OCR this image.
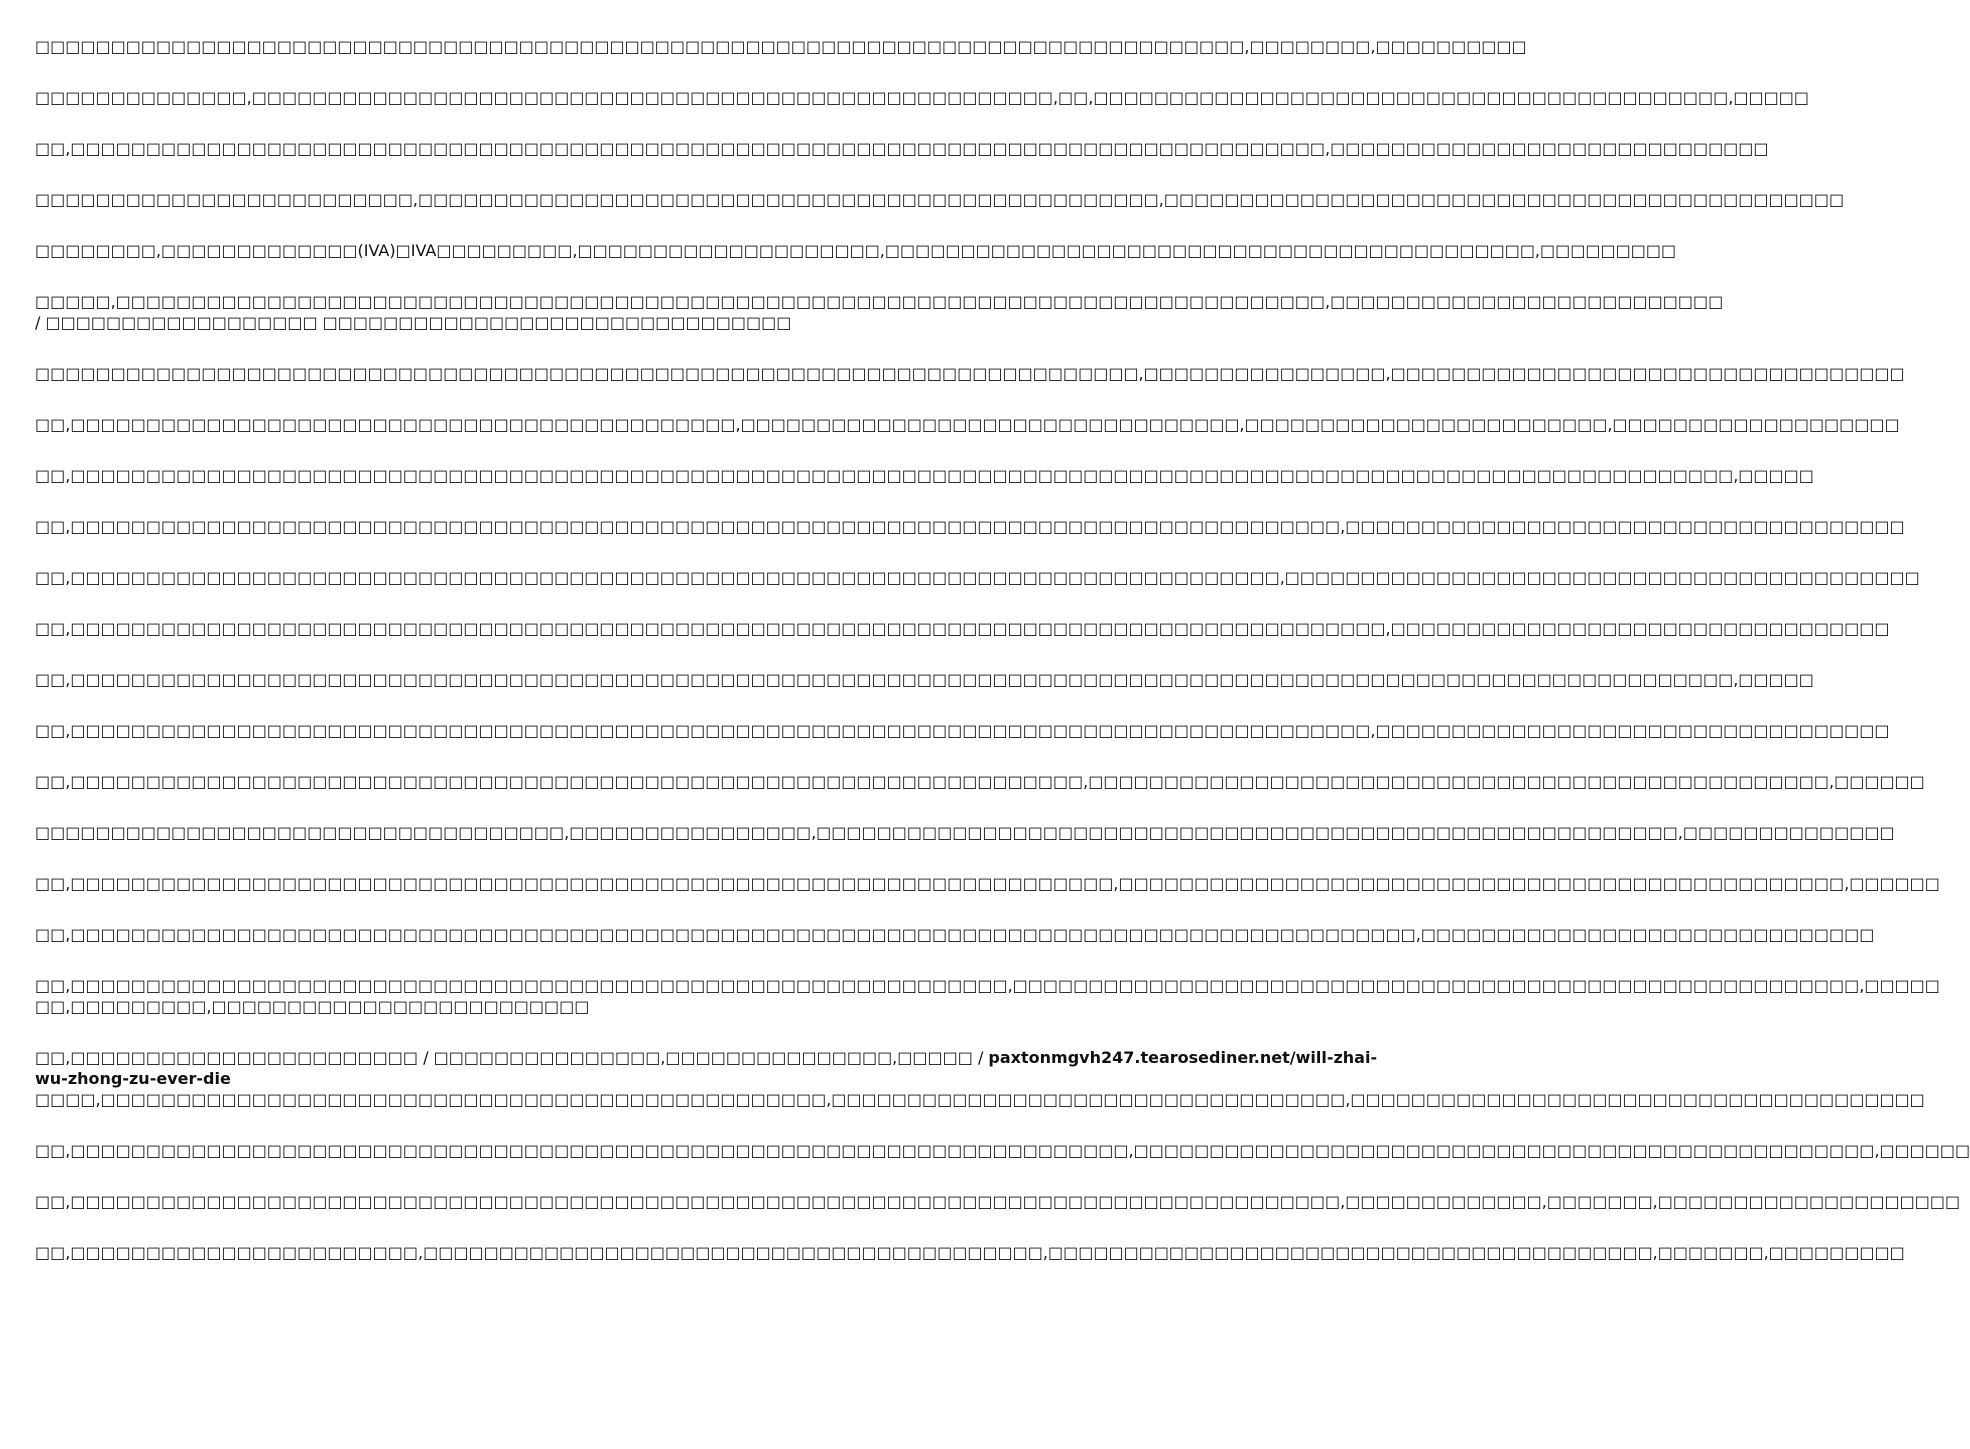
□□□□□□□□□□□□□□□□□□□□□□□□□□□□□□□□□□□□□□□□□□□□□□□□□□□□□□□□□□□□□□□□□□□□□□□□□□□□□□□□,□□□□□□□□,□□□□□□□□□□

□□□□□□□□□□□□□□,□□□□□□□□□□□□□□□□□□□□□□□□□□□□□□□□□□□□□□□□□□□□□□□□□□□□□,□□,□□□□□□□□□□□□□□□□□□□□□□□□□□□□□□□□□□□□□□□□□□,□□□□□

□□,□□□□□□□□□□□□□□□□□□□□□□□□□□□□□□□□□□□□□□□□□□□□□□□□□□□□□□□□□□□□□□□□□□□□□□□□□□□□□□□□□□□,□□□□□□□□□□□□□□□□□□□□□□□□□□□□□

□□□□□□□□□□□□□□□□□□□□□□□□□,□□□□□□□□□□□□□□□□□□□□□□□□□□□□□□□□□□□□□□□□□□□□□□□□□,□□□□□□□□□□□□□□□□□□□□□□□□□□□□□□□□□□□□□□□□□□□□□

□□□□□□□□,□□□□□□□□□□□□□(IVA)□IVA□□□□□□□□□,□□□□□□□□□□□□□□□□□□□□,□□□□□□□□□□□□□□□□□□□□□□□□□□□□□□□□□□□□□□□□□□□,□□□□□□□□□

□□□□□,□□□□□□□□□□□□□□□□□□□□□□□□□□□□□□□□□□□□□□□□□□□□□□□□□□□□□□□□□□□□□□□□□□□□□□□□□□□□□□□□,□□□□□□□□□□□□□□□□□□□□□□□□□□
/ □□□□□□□□□□□□□□□□□□ □□□□□□□□□□□□□□□□□□□□□□□□□□□□□□□

□□□□□□□□□□□□□□□□□□□□□□□□□□□□□□□□□□□□□□□□□□□□□□□□□□□□□□□□□□□□□□□□□□□□□□□□□,□□□□□□□□□□□□□□□□,□□□□□□□□□□□□□□□□□□□□□□□□□□□□□□□□□□

□□,□□□□□□□□□□□□□□□□□□□□□□□□□□□□□□□□□□□□□□□□□□□□,□□□□□□□□□□□□□□□□□□□□□□□□□□□□□□□□□,□□□□□□□□□□□□□□□□□□□□□□□□,□□□□□□□□□□□□□□□□□□□

□□,□□□□□□□□□□□□□□□□□□□□□□□□□□□□□□□□□□□□□□□□□□□□□□□□□□□□□□□□□□□□□□□□□□□□□□□□□□□□□□□□□□□□□□□□□□□□□□□□□□□□□□□□□□□□□□,□□□□□

□□,□□□□□□□□□□□□□□□□□□□□□□□□□□□□□□□□□□□□□□□□□□□□□□□□□□□□□□□□□□□□□□□□□□□□□□□□□□□□□□□□□□□□,□□□□□□□□□□□□□□□□□□□□□□□□□□□□□□□□□□□□□

□□,□□□□□□□□□□□□□□□□□□□□□□□□□□□□□□□□□□□□□□□□□□□□□□□□□□□□□□□□□□□□□□□□□□□□□□□□□□□□□□□□,□□□□□□□□□□□□□□□□□□□□□□□□□□□□□□□□□□□□□□□□□□

□□,□□□□□□□□□□□□□□□□□□□□□□□□□□□□□□□□□□□□□□□□□□□□□□□□□□□□□□□□□□□□□□□□□□□□□□□□□□□□□□□□□□□□□□□,□□□□□□□□□□□□□□□□□□□□□□□□□□□□□□□□□

□□,□□□□□□□□□□□□□□□□□□□□□□□□□□□□□□□□□□□□□□□□□□□□□□□□□□□□□□□□□□□□□□□□□□□□□□□□□□□□□□□□□□□□□□□□□□□□□□□□□□□□□□□□□□□□□□,□□□□□

□□,□□□□□□□□□□□□□□□□□□□□□□□□□□□□□□□□□□□□□□□□□□□□□□□□□□□□□□□□□□□□□□□□□□□□□□□□□□□□□□□□□□□□□□,□□□□□□□□□□□□□□□□□□□□□□□□□□□□□□□□□□

□□,□□□□□□□□□□□□□□□□□□□□□□□□□□□□□□□□□□□□□□□□□□□□□□□□□□□□□□□□□□□□□□□□□□□,□□□□□□□□□□□□□□□□□□□□□□□□□□□□□□□□□□□□□□□□□□□□□□□□□,□□□□□□

□□□□□□□□□□□□□□□□□□□□□□□□□□□□□□□□□□□,□□□□□□□□□□□□□□□□,□□□□□□□□□□□□□□□□□□□□□□□□□□□□□□□□□□□□□□□□□□□□□□□□□□□□□□□□□,□□□□□□□□□□□□□□

□□,□□□□□□□□□□□□□□□□□□□□□□□□□□□□□□□□□□□□□□□□□□□□□□□□□□□□□□□□□□□□□□□□□□□□□,□□□□□□□□□□□□□□□□□□□□□□□□□□□□□□□□□□□□□□□□□□□□□□□□,□□□□□□

□□,□□□□□□□□□□□□□□□□□□□□□□□□□□□□□□□□□□□□□□□□□□□□□□□□□□□□□□□□□□□□□□□□□□□□□□□□□□□□□□□□□□□□□□□□□,□□□□□□□□□□□□□□□□□□□□□□□□□□□□□□

□□,□□□□□□□□□□□□□□□□□□□□□□□□□□□□□□□□□□□□□□□□□□□□□□□□□□□□□□□□□□□□□□,□□□□□□□□□□□□□□□□□□□□□□□□□□□□□□□□□□□□□□□□□□□□□□□□□□□□□□□□,□□□□□
□□,□□□□□□□□□,□□□□□□□□□□□□□□□□□□□□□□□□□
□□,□□□□□□□□□□□□□□□□□□□□□□□ / □□□□□□□□□□□□□□□,□□□□□□□□□□□□□□□,□□□□□ / paxtonmgvh247.tearosediner.net/will-zhai-
wu-zhong-zu-ever-die
□□□□,□□□□□□□□□□□□□□□□□□□□□□□□□□□□□□□□□□□□□□□□□□□□□□□□,□□□□□□□□□□□□□□□□□□□□□□□□□□□□□□□□□□,□□□□□□□□□□□□□□□□□□□□□□□□□□□□□□□□□□□□□□

□□,□□□□□□□□□□□□□□□□□□□□□□□□□□□□□□□□□□□□□□□□□□□□□□□□□□□□□□□□□□□□□□□□□□□□□□,□□□□□□□□□□□□□□□□□□□□□□□□□□□□□□□□□□□□□□□□□□□□□□□□□,□□□□□□

□□,□□□□□□□□□□□□□□□□□□□□□□□□□□□□□□□□□□□□□□□□□□□□□□□□□□□□□□□□□□□□□□□□□□□□□□□□□□□□□□□□□□□□,□□□□□□□□□□□□□,□□□□□□□,□□□□□□□□□□□□□□□□□□□□

□□,□□□□□□□□□□□□□□□□□□□□□□□,□□□□□□□□□□□□□□□□□□□□□□□□□□□□□□□□□□□□□□□□□,□□□□□□□□□□□□□□□□□□□□□□□□□□□□□□□□□□□□□□□□,□□□□□□□,□□□□□□□□□
